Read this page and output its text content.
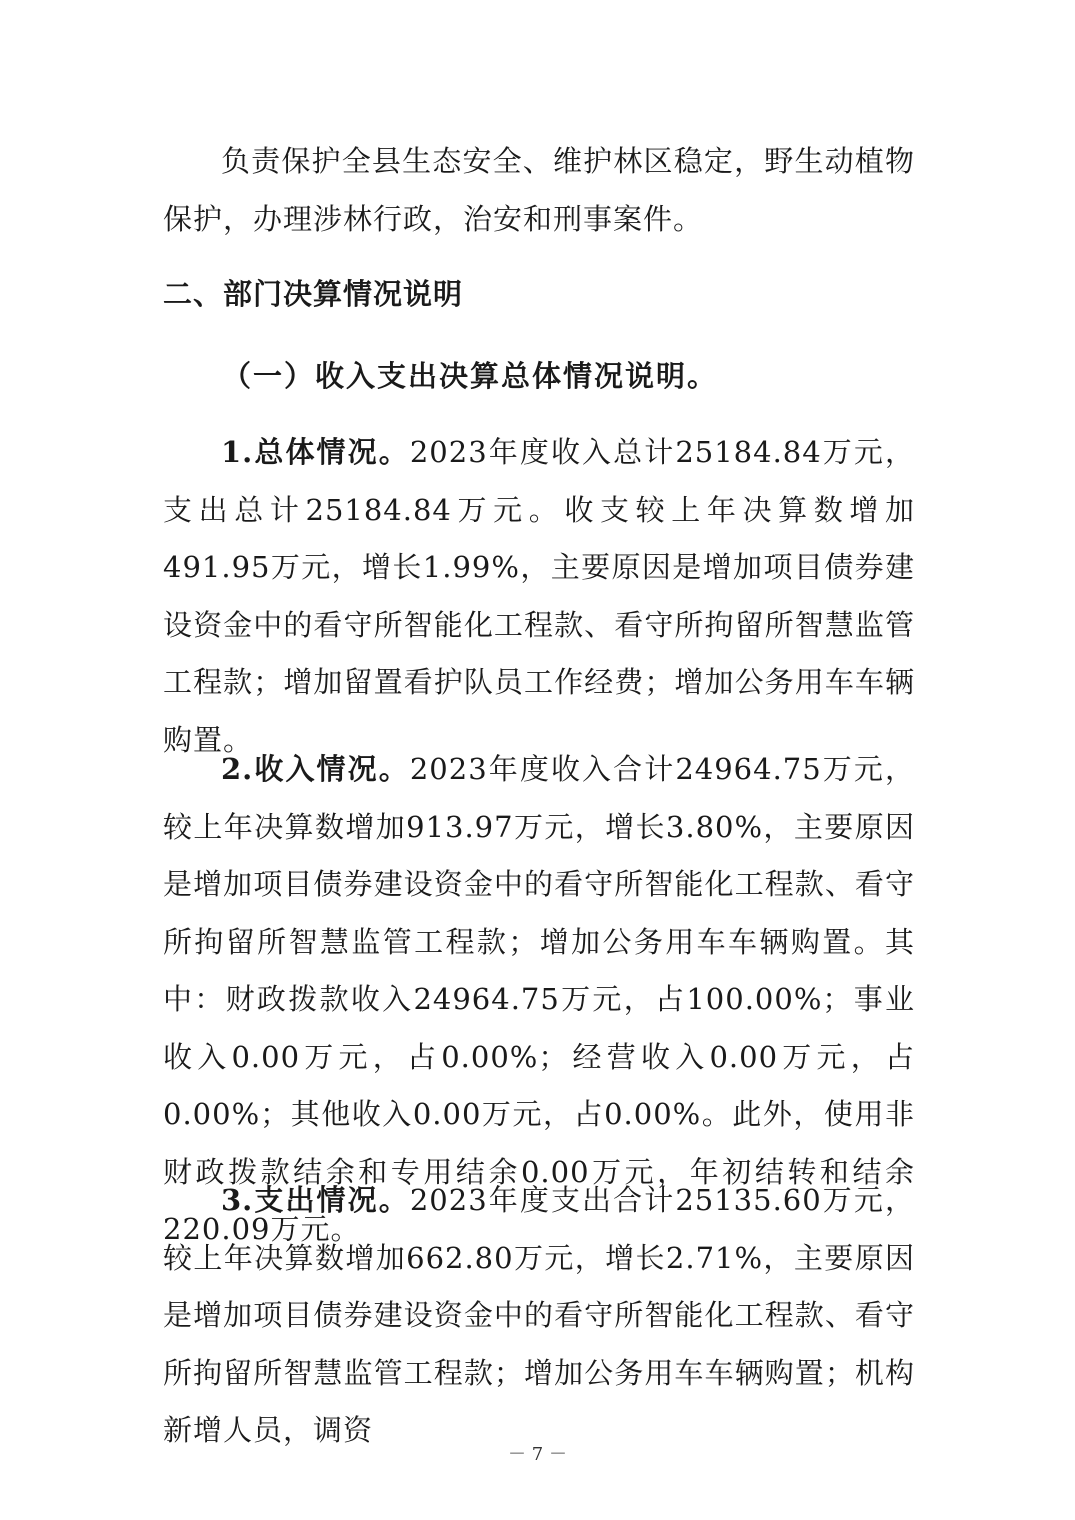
负责保护全县生态安全、维护林区稳定，野生动植物保护，办理涉林行政，治安和刑事案件。

二、部门决算情况说明
（一）收入支出决算总体情况说明。

1.总体情况。2023年度收入总计25184.84万元，支出总计25184.84万元。收支较上年决算数增加491.95万元，增长1.99%，主要原因是增加项目债券建设资金中的看守所智能化工程款、看守所拘留所智慧监管工程款；增加留置看护队员工作经费；增加公务用车车辆购置。

2.收入情况。2023年度收入合计24964.75万元，较上年决算数增加913.97万元，增长3.80%，主要原因是增加项目债券建设资金中的看守所智能化工程款、看守所拘留所智慧监管工程款；增加公务用车车辆购置。其中：财政拨款收入24964.75万元，占100.00%；事业收入0.00万元，占0.00%；经营收入0.00万元，占0.00%；其他收入0.00万元，占0.00%。此外，使用非财政拨款结余和专用结余0.00万元，年初结转和结余220.09万元。

3.支出情况。2023年度支出合计25135.60万元，较上年决算数增加662.80万元，增长2.71%，主要原因是增加项目债券建设资金中的看守所智能化工程款、看守所拘留所智慧监管工程款；增加公务用车车辆购置；机构新增人员，调资

－ 7 －
